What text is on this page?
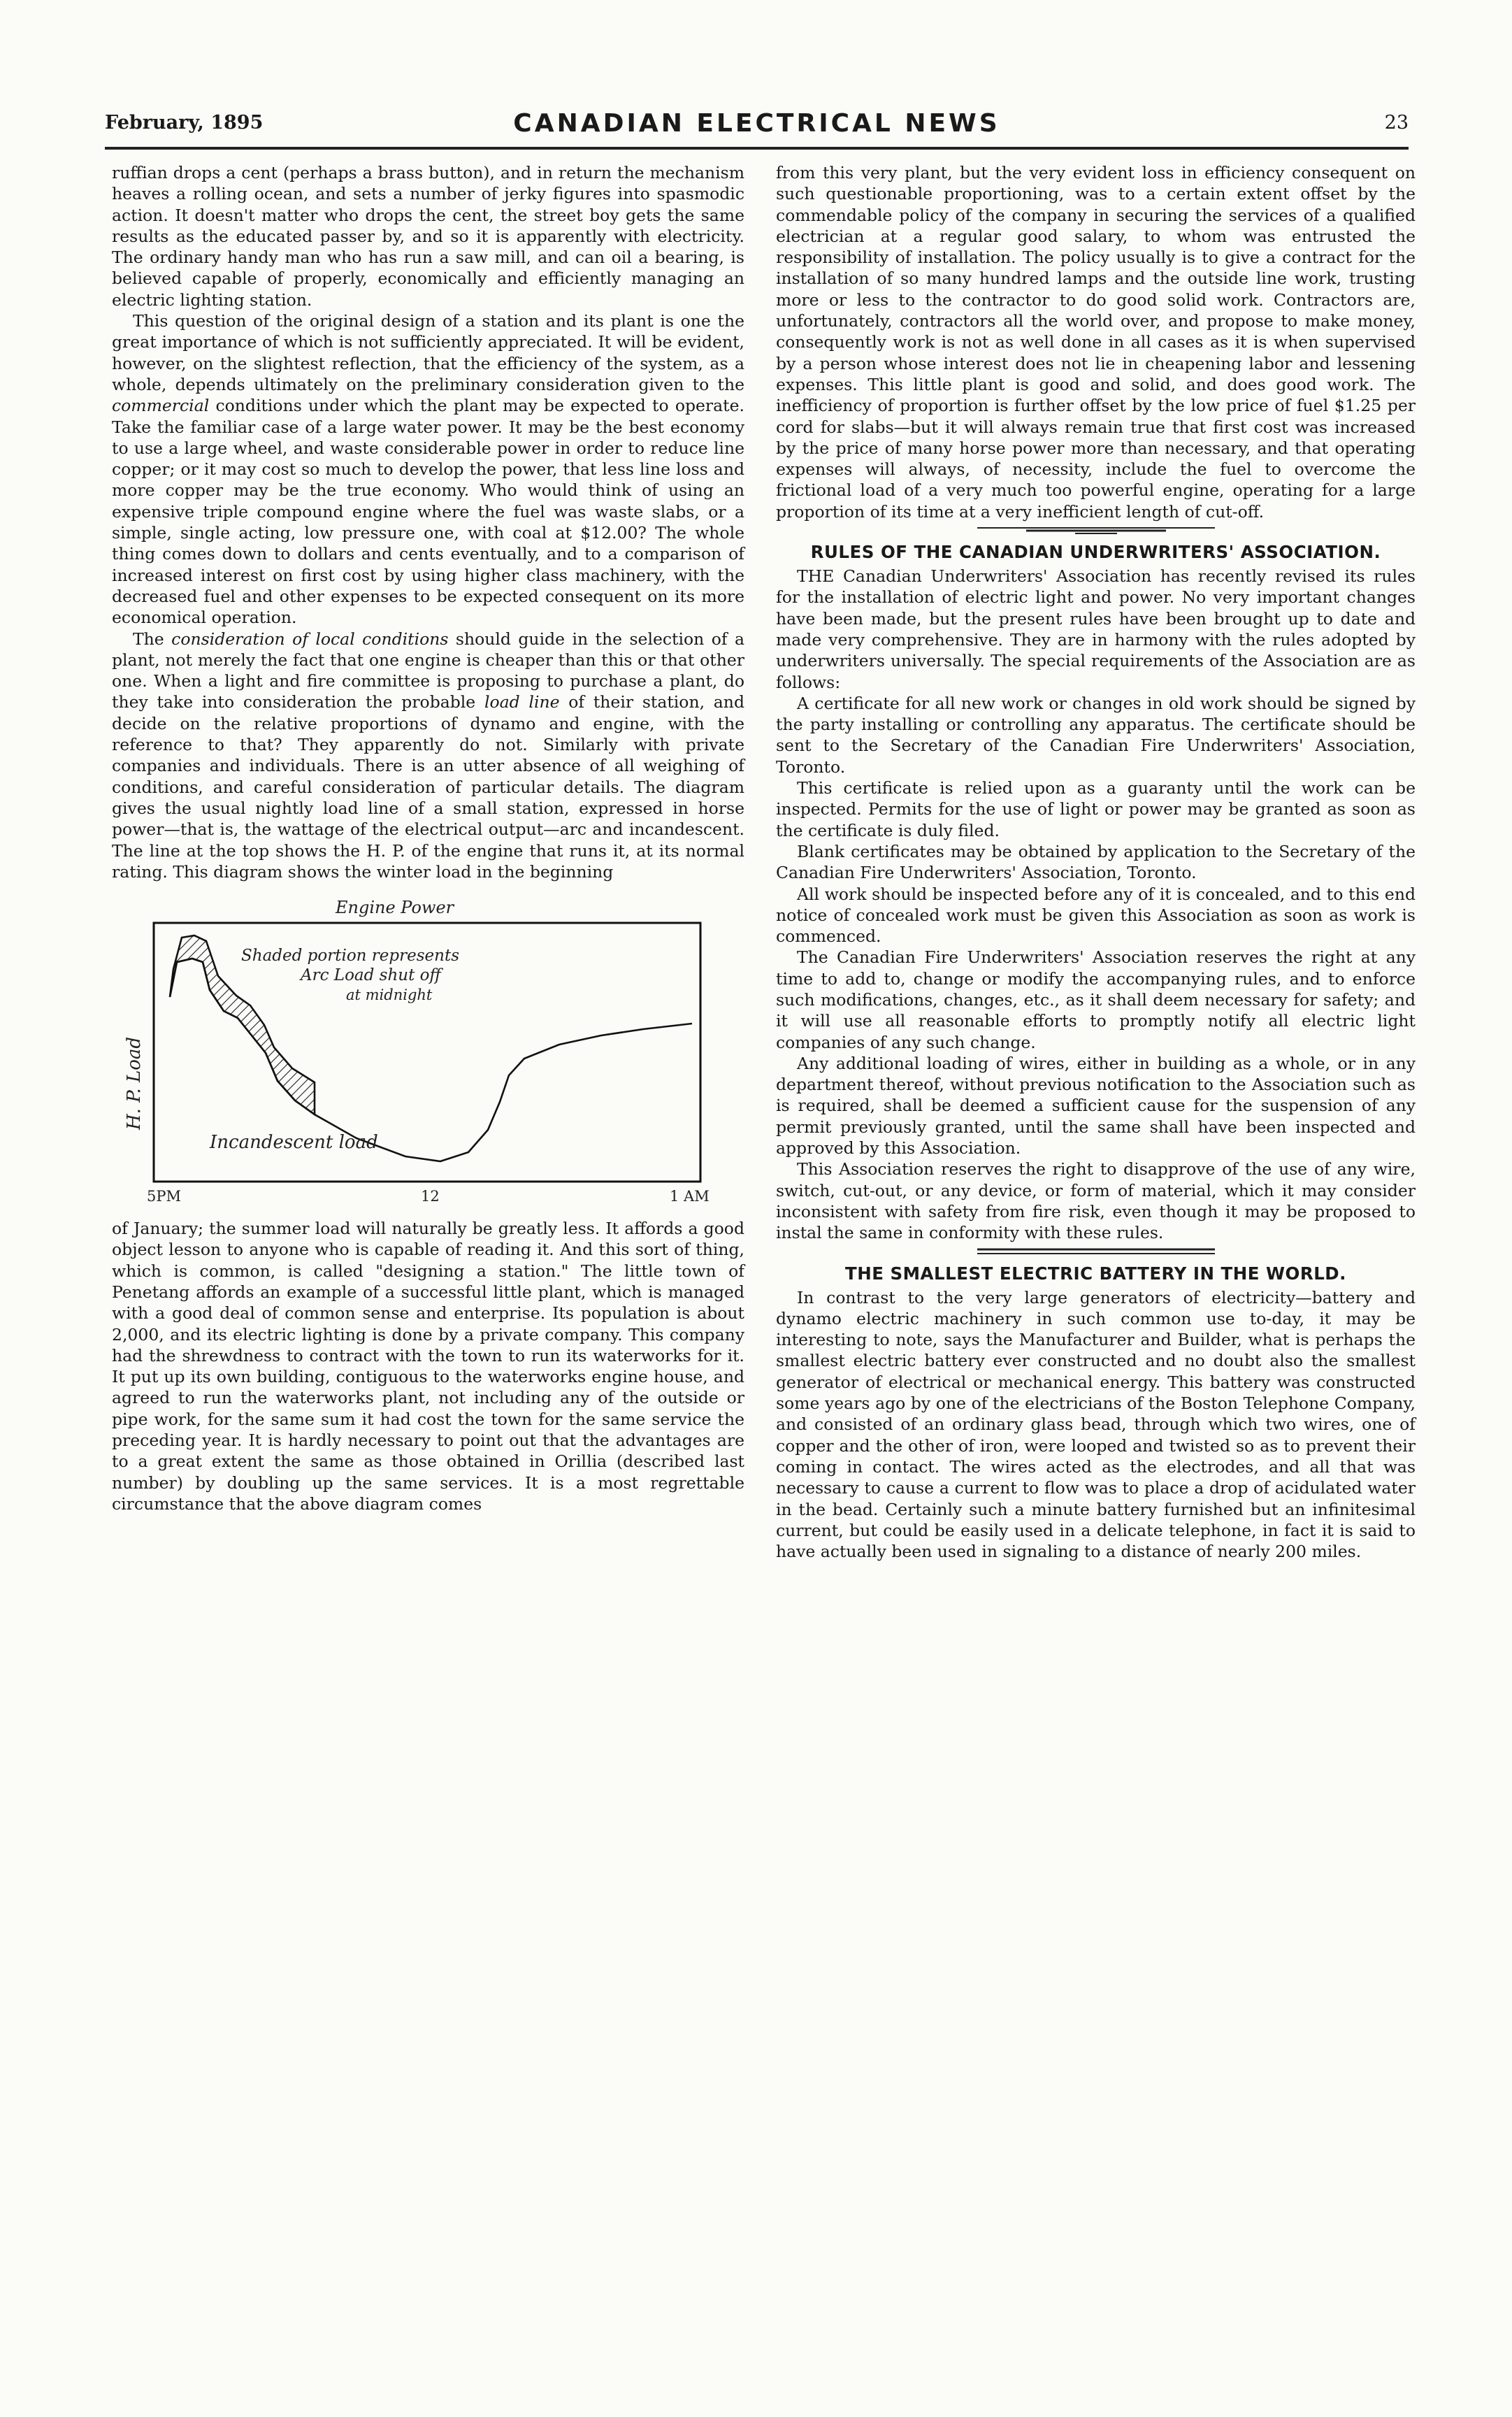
February, 1895	CANADIAN ELECTRICAL NEWS	23

ruffian drops a cent (perhaps a brass button), and in return the mechanism heaves a rolling ocean, and sets a number of jerky figures into spasmodic action. It doesn't matter who drops the cent, the street boy gets the same results as the educated passer by, and so it is apparently with electricity. The ordinary handy man who has run a saw mill, and can oil a bearing, is believed capable of properly, economically and efficiently managing an electric lighting station.

This question of the original design of a station and its plant is one the great importance of which is not sufficiently appreciated. It will be evident, however, on the slightest reflection, that the efficiency of the system, as a whole, depends ultimately on the preliminary consideration given to the commercial conditions under which the plant may be expected to operate. Take the familiar case of a large water power. It may be the best economy to use a large wheel, and waste considerable power in order to reduce line copper; or it may cost so much to develop the power, that less line loss and more copper may be the true economy. Who would think of using an expensive triple compound engine where the fuel was waste slabs, or a simple, single acting, low pressure one, with coal at $12.00? The whole thing comes down to dollars and cents eventually, and to a comparison of increased interest on first cost by using higher class machinery, with the decreased fuel and other expenses to be expected consequent on its more economical operation.

The consideration of local conditions should guide in the selection of a plant, not merely the fact that one engine is cheaper than this or that other one. When a light and fire committee is proposing to purchase a plant, do they take into consideration the probable load line of their station, and decide on the relative proportions of dynamo and engine, with the reference to that? They apparently do not. Similarly with private companies and individuals. There is an utter absence of all weighing of conditions, and careful consideration of particular details. The diagram gives the usual nightly load line of a small station, expressed in horse power—that is, the wattage of the electrical output—arc and incandescent. The line at the top shows the H. P. of the engine that runs it, at its normal rating. This diagram shows the winter load in the beginning

Engine Power
Shaded portion represents
Arc Load shut off
at midnight
H. P. Load
Incandescent load
5PM	12	1 AM

of January; the summer load will naturally be greatly less. It affords a good object lesson to anyone who is capable of reading it. And this sort of thing, which is common, is called "designing a station." The little town of Penetang affords an example of a successful little plant, which is managed with a good deal of common sense and enterprise. Its population is about 2,000, and its electric lighting is done by a private company. This company had the shrewdness to contract with the town to run its waterworks for it. It put up its own building, contiguous to the waterworks engine house, and agreed to run the waterworks plant, not including any of the outside or pipe work, for the same sum it had cost the town for the same service the preceding year. It is hardly necessary to point out that the advantages are to a great extent the same as those obtained in Orillia (described last number) by doubling up the same services. It is a most regrettable circumstance that the above diagram comes

from this very plant, but the very evident loss in efficiency consequent on such questionable proportioning, was to a certain extent offset by the commendable policy of the company in securing the services of a qualified electrician at a regular good salary, to whom was entrusted the responsibility of installation. The policy usually is to give a contract for the installation of so many hundred lamps and the outside line work, trusting more or less to the contractor to do good solid work. Contractors are, unfortunately, contractors all the world over, and propose to make money, consequently work is not as well done in all cases as it is when supervised by a person whose interest does not lie in cheapening labor and lessening expenses. This little plant is good and solid, and does good work. The inefficiency of proportion is further offset by the low price of fuel $1.25 per cord for slabs—but it will always remain true that first cost was increased by the price of many horse power more than necessary, and that operating expenses will always, of necessity, include the fuel to overcome the frictional load of a very much too powerful engine, operating for a large proportion of its time at a very inefficient length of cut-off.

RULES OF THE CANADIAN UNDERWRITERS' ASSOCIATION.

THE Canadian Underwriters' Association has recently revised its rules for the installation of electric light and power. No very important changes have been made, but the present rules have been brought up to date and made very comprehensive. They are in harmony with the rules adopted by underwriters universally. The special requirements of the Association are as follows:

A certificate for all new work or changes in old work should be signed by the party installing or controlling any apparatus. The certificate should be sent to the Secretary of the Canadian Fire Underwriters' Association, Toronto.

This certificate is relied upon as a guaranty until the work can be inspected. Permits for the use of light or power may be granted as soon as the certificate is duly filed.

Blank certificates may be obtained by application to the Secretary of the Canadian Fire Underwriters' Association, Toronto.

All work should be inspected before any of it is concealed, and to this end notice of concealed work must be given this Association as soon as work is commenced.

The Canadian Fire Underwriters' Association reserves the right at any time to add to, change or modify the accompanying rules, and to enforce such modifications, changes, etc., as it shall deem necessary for safety; and it will use all reasonable efforts to promptly notify all electric light companies of any such change.

Any additional loading of wires, either in building as a whole, or in any department thereof, without previous notification to the Association such as is required, shall be deemed a sufficient cause for the suspension of any permit previously granted, until the same shall have been inspected and approved by this Association.

This Association reserves the right to disapprove of the use of any wire, switch, cut-out, or any device, or form of material, which it may consider inconsistent with safety from fire risk, even though it may be proposed to instal the same in conformity with these rules.

THE SMALLEST ELECTRIC BATTERY IN THE WORLD.

In contrast to the very large generators of electricity—battery and dynamo electric machinery in such common use to-day, it may be interesting to note, says the Manufacturer and Builder, what is perhaps the smallest electric battery ever constructed and no doubt also the smallest generator of electrical or mechanical energy. This battery was constructed some years ago by one of the electricians of the Boston Telephone Company, and consisted of an ordinary glass bead, through which two wires, one of copper and the other of iron, were looped and twisted so as to prevent their coming in contact. The wires acted as the electrodes, and all that was necessary to cause a current to flow was to place a drop of acidulated water in the bead. Certainly such a minute battery furnished but an infinitesimal current, but could be easily used in a delicate telephone, in fact it is said to have actually been used in signaling to a distance of nearly 200 miles.
